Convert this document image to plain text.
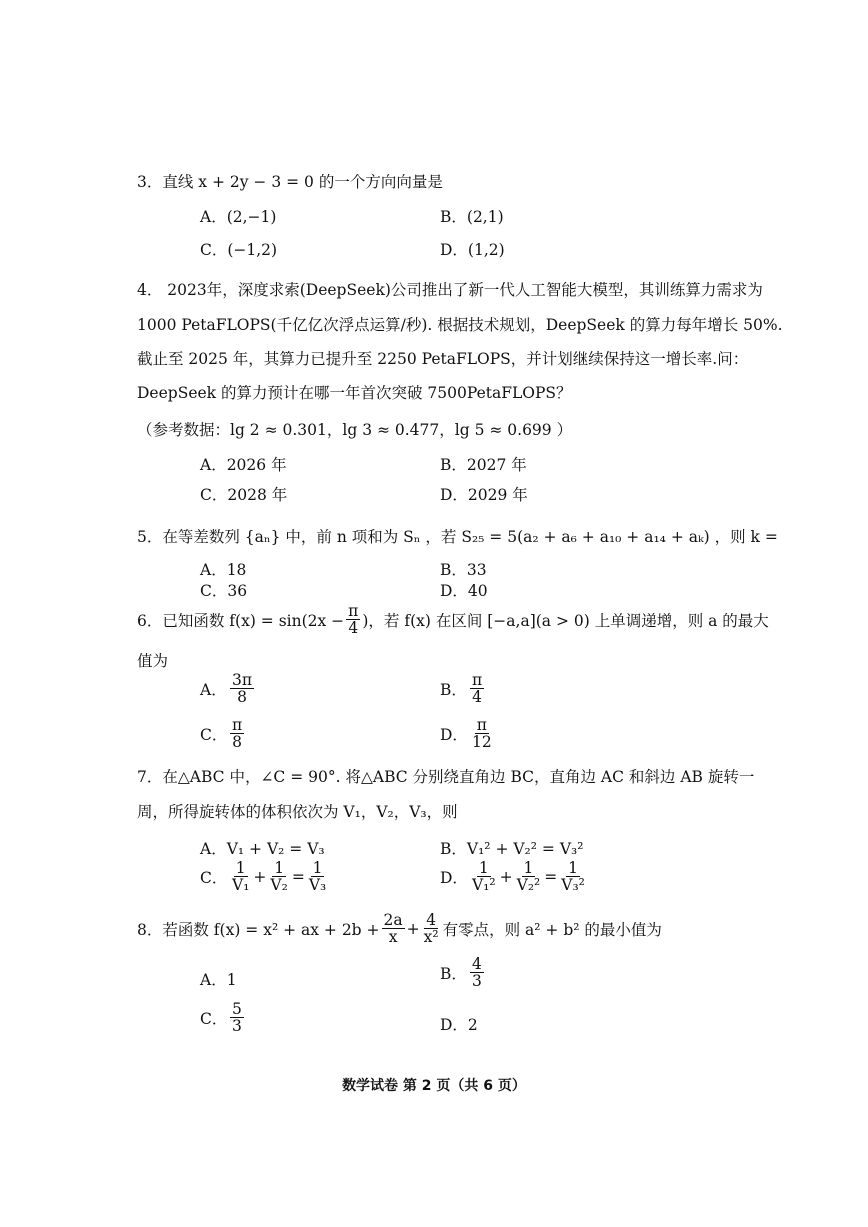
3．直线 x + 2y − 3 = 0 的一个方向向量是
A．(2,−1)	B．(2,1)
C．(−1,2)	D．(1,2)
4． 2023年，深度求索(DeepSeek)公司推出了新一代人工智能大模型，其训练算力需求为
1000 PetaFLOPS(千亿亿次浮点运算/秒). 根据技术规划，DeepSeek 的算力每年增长 50%.
截止至 2025 年，其算力已提升至 2250 PetaFLOPS，并计划继续保持这一增长率.问：
DeepSeek 的算力预计在哪一年首次突破 7500PetaFLOPS？
（参考数据：lg 2 ≈ 0.301，lg 3 ≈ 0.477，lg 5 ≈ 0.699 ）
A．2026 年	B．2027 年
C．2028 年	D．2029 年
5．在等差数列 {aₙ} 中，前 n 项和为 Sₙ ，若 S₂₅ = 5(a₂ + a₆ + a₁₀ + a₁₄ + aₖ) ，则 k =
A．18	B．33
C．36	D．40
6．已知函数 $f(x) = \sin(2x - \frac{\pi}{4}$ )，若 f(x) 在区间 [−a,a](a > 0) 上单调递增，则 a 的最大
值为
A． $\frac{3\pi}{8}$	B． $\frac{\pi}{4}$
C． $\frac{\pi}{8}$	D． $\frac{\pi}{12}$
7．在△ABC 中，∠C = 90°. 将△ABC 分别绕直角边 BC，直角边 AC 和斜边 AB 旋转一
周，所得旋转体的体积依次为 V₁，V₂，V₃，则
A．V₁ + V₂ = V₃	B．V₁² + V₂² = V₃²
C． $\frac{1}{\text{V₁}} + \frac{1}{\text{V₂}} = \frac{1}{\text{V₃}}$	D． $\frac{1}{\text{V₁²}} + \frac{1}{\text{V₂²}} = \frac{1}{\text{V₃²}}$
8．若函数 f(x) = x² + ax + $2b + \frac{2a}{x} + \frac{4}{\text{x²}}$ 有零点，则 a² + b² 的最小值为
A．1	B． $\frac{4}{3}$
C． $\frac{5}{3}$	D．2
数学试卷 第 2 页（共 6 页）
